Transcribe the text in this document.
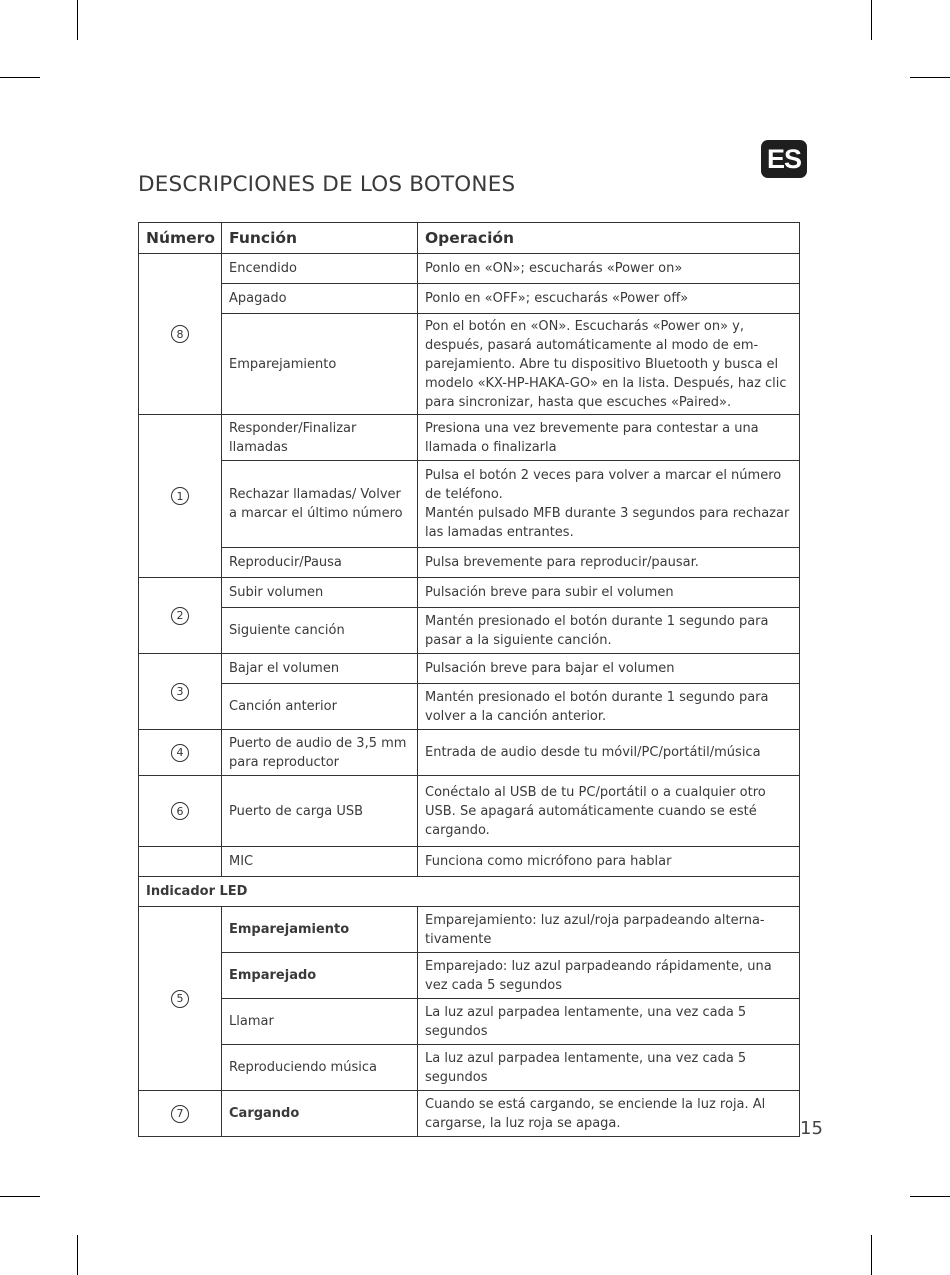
ES
DESCRIPCIONES DE LOS BOTONES
Número	Función	Operación
8	Encendido	Ponlo en «ON»; escucharás «Power on»
	Apagado	Ponlo en «OFF»; escucharás «Power off»
	Emparejamiento	Pon el botón en «ON». Escucharás «Power on» y, después, pasará automáticamente al modo de em-parejamiento. Abre tu dispositivo Bluetooth y busca el modelo «KX-HP-HAKA-GO» en la lista. Después, haz clic para sincronizar, hasta que escuches «Paired».
1	Responder/Finalizar llamadas	Presiona una vez brevemente para contestar a una llamada o finalizarla
	Rechazar llamadas/ Volver a marcar el último número	Pulsa el botón 2 veces para volver a marcar el número de teléfono.
Mantén pulsado MFB durante 3 segundos para rechazar las lamadas entrantes.

	Reproducir/Pausa	Pulsa brevemente para reproducir/pausar.
2	Subir volumen	Pulsación breve para subir el volumen
	Siguiente canción	Mantén presionado el botón durante 1 segundo para pasar a la siguiente canción.
3	Bajar el volumen	Pulsación breve para bajar el volumen
	Canción anterior	Mantén presionado el botón durante 1 segundo para volver a la canción anterior.
4	Puerto de audio de 3,5 mm para reproductor	Entrada de audio desde tu móvil/PC/portátil/música
6	Puerto de carga USB	Conéctalo al USB de tu PC/portátil o a cualquier otro USB. Se apagará automáticamente cuando se esté cargando.
	MIC	Funciona como micrófono para hablar
Indicador LED		
5	Emparejamiento	Emparejamiento: luz azul/roja parpadeando alterna-tivamente
	Emparejado	Emparejado: luz azul parpadeando rápidamente, una vez cada 5 segundos
	Llamar	La luz azul parpadea lentamente, una vez cada 5 segundos
	Reproduciendo música	La luz azul parpadea lentamente, una vez cada 5 segundos
7	Cargando	Cuando se está cargando, se enciende la luz roja. Al cargarse, la luz roja se apaga.	15
